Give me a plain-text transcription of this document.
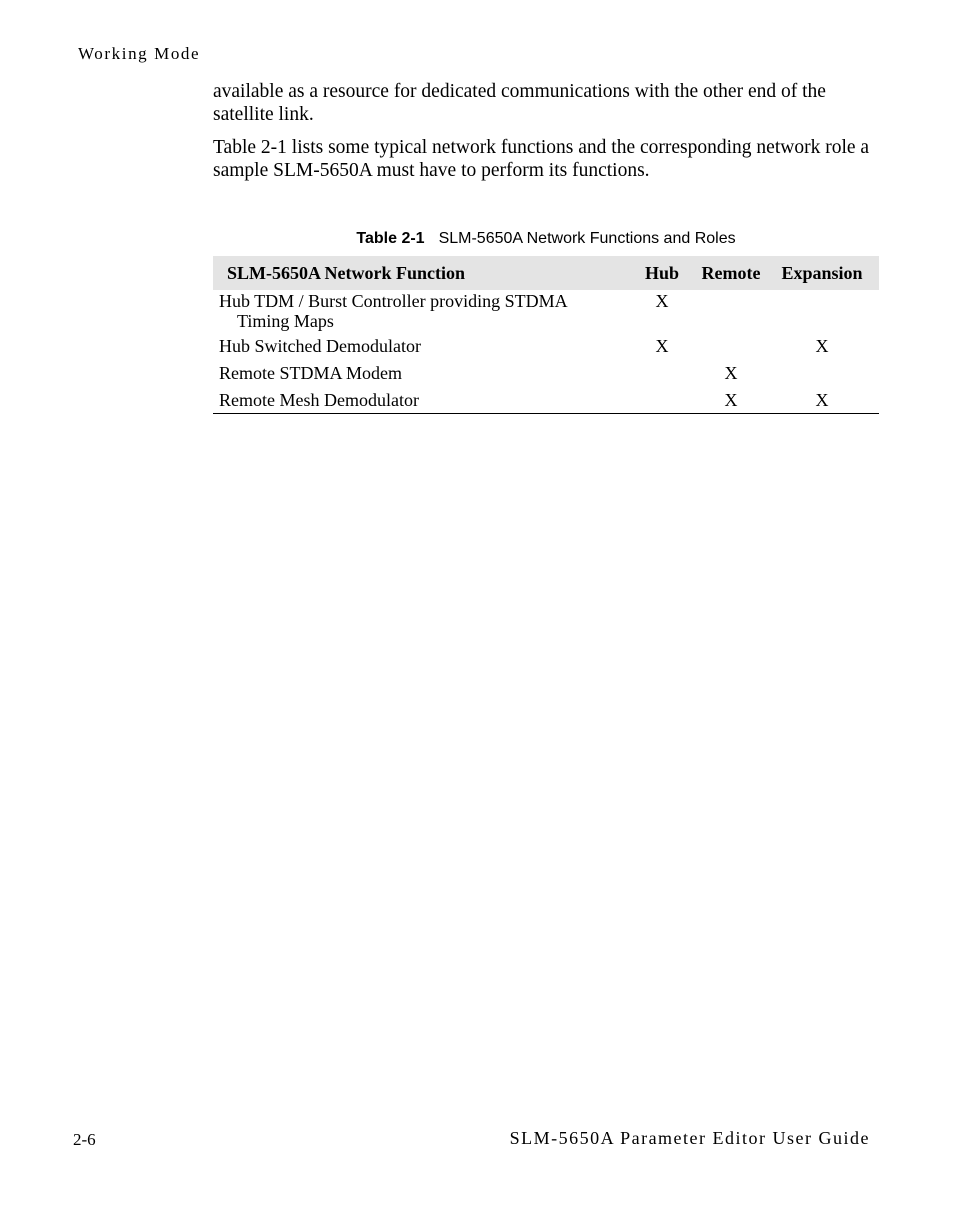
Working Mode

available as a resource for dedicated communications with the other end of the satellite link.

Table 2-1 lists some typical network functions and the corresponding network role a sample SLM-5650A must have to perform its functions.

Table 2-1 SLM-5650A Network Functions and Roles
SLM-5650A Network Function	Hub	Remote	Expansion
Hub TDM / Burst Controller providing STDMA
Timing Maps	X		
Hub Switched Demodulator	X		X
Remote STDMA Modem		X	
Remote Mesh Demodulator		X	X
2-6	SLM-5650A Parameter Editor User Guide
